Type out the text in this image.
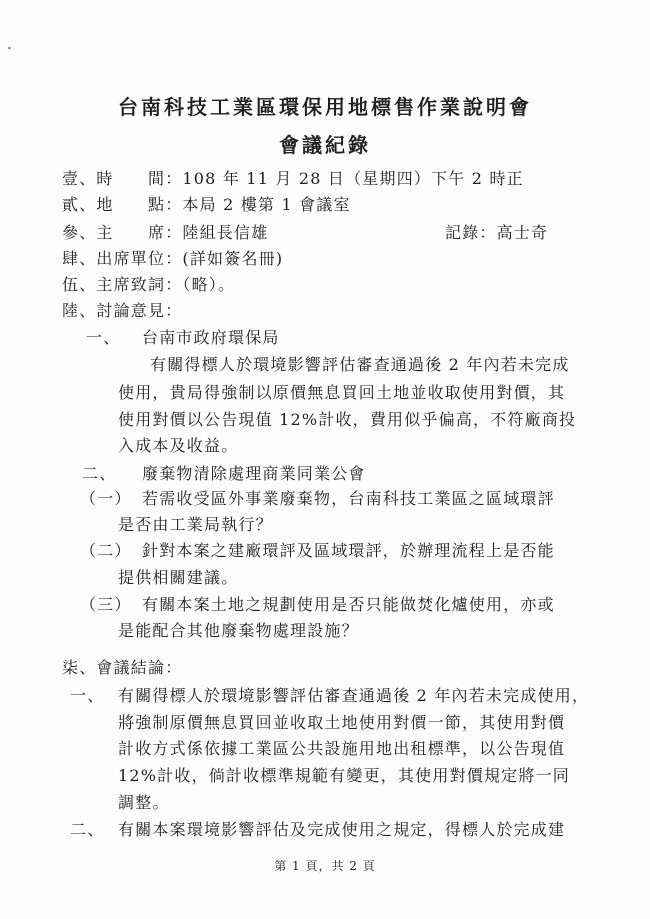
台南科技工業區環保用地標售作業說明會
會議紀錄
壹、時　　間：108 年 11 月 28 日（星期四）下午 2 時正
貳、地　　點：本局 2 樓第 1 會議室
參、主　　席：陸組長信雄	記錄：高士奇
肆、出席單位：(詳如簽名冊)
伍、主席致詞：（略）。
陸、討論意見：
一、 台南市政府環保局
有關得標人於環境影響評估審查通過後 2 年內若未完成
使用，貴局得強制以原價無息買回土地並收取使用對價，其
使用對價以公告現值 12%計收，費用似乎偏高，不符廠商投
入成本及收益。
二、 廢棄物清除處理商業同業公會
（一） 若需收受區外事業廢棄物，台南科技工業區之區域環評
是否由工業局執行？
（二） 針對本案之建廠環評及區域環評，於辦理流程上是否能
提供相關建議。
（三） 有關本案土地之規劃使用是否只能做焚化爐使用，亦或
是能配合其他廢棄物處理設施？
柒、會議結論：
一、 有關得標人於環境影響評估審查通過後 2 年內若未完成使用，
將強制原價無息買回並收取土地使用對價一節，其使用對價
計收方式係依據工業區公共設施用地出租標準，以公告現值
12%計收，倘計收標準規範有變更，其使用對價規定將一同
調整。
二、 有關本案環境影響評估及完成使用之規定，得標人於完成建
第 1 頁，共 2 頁
